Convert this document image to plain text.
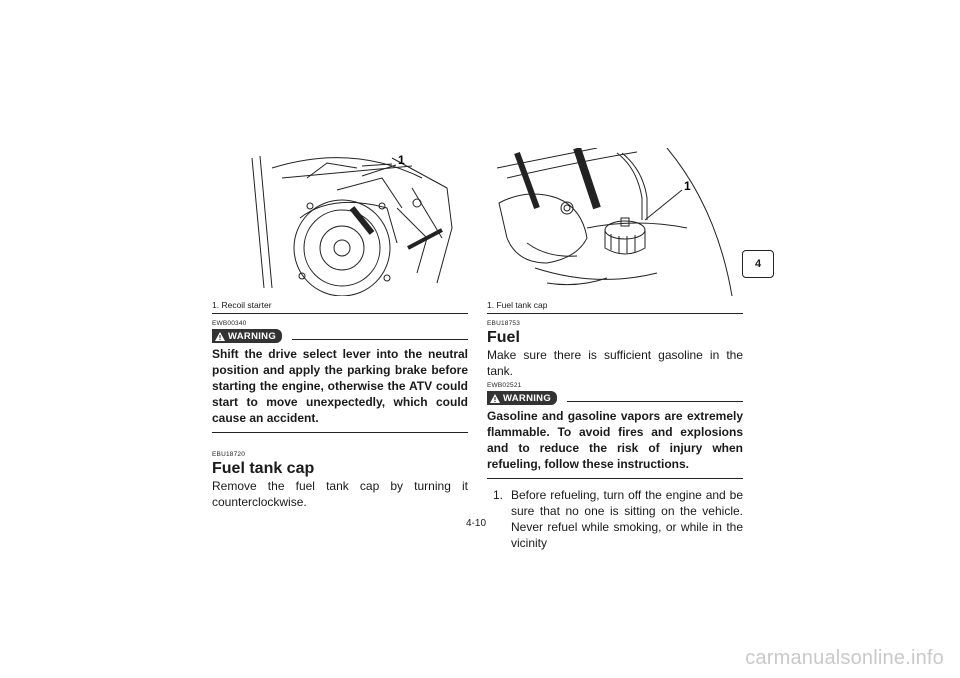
1
1. Recoil starter
EWB00340
WARNING
Shift the drive select lever into the neutral position and apply the parking brake before starting the engine, otherwise the ATV could start to move unexpectedly, which could cause an accident.
EBU18720
Fuel tank cap
Remove the fuel tank cap by turning it counterclockwise.
1
1. Fuel tank cap
EBU18753
Fuel
Make sure there is sufficient gasoline in the tank.
EWB02521
WARNING
Gasoline and gasoline vapors are extremely flammable. To avoid fires and explosions and to reduce the risk of injury when refueling, follow these instructions.
1. Before refueling, turn off the engine and be sure that no one is sitting on the vehicle. Never refuel while smoking, or while in the vicinity
4
4-10
carmanualsonline.info
